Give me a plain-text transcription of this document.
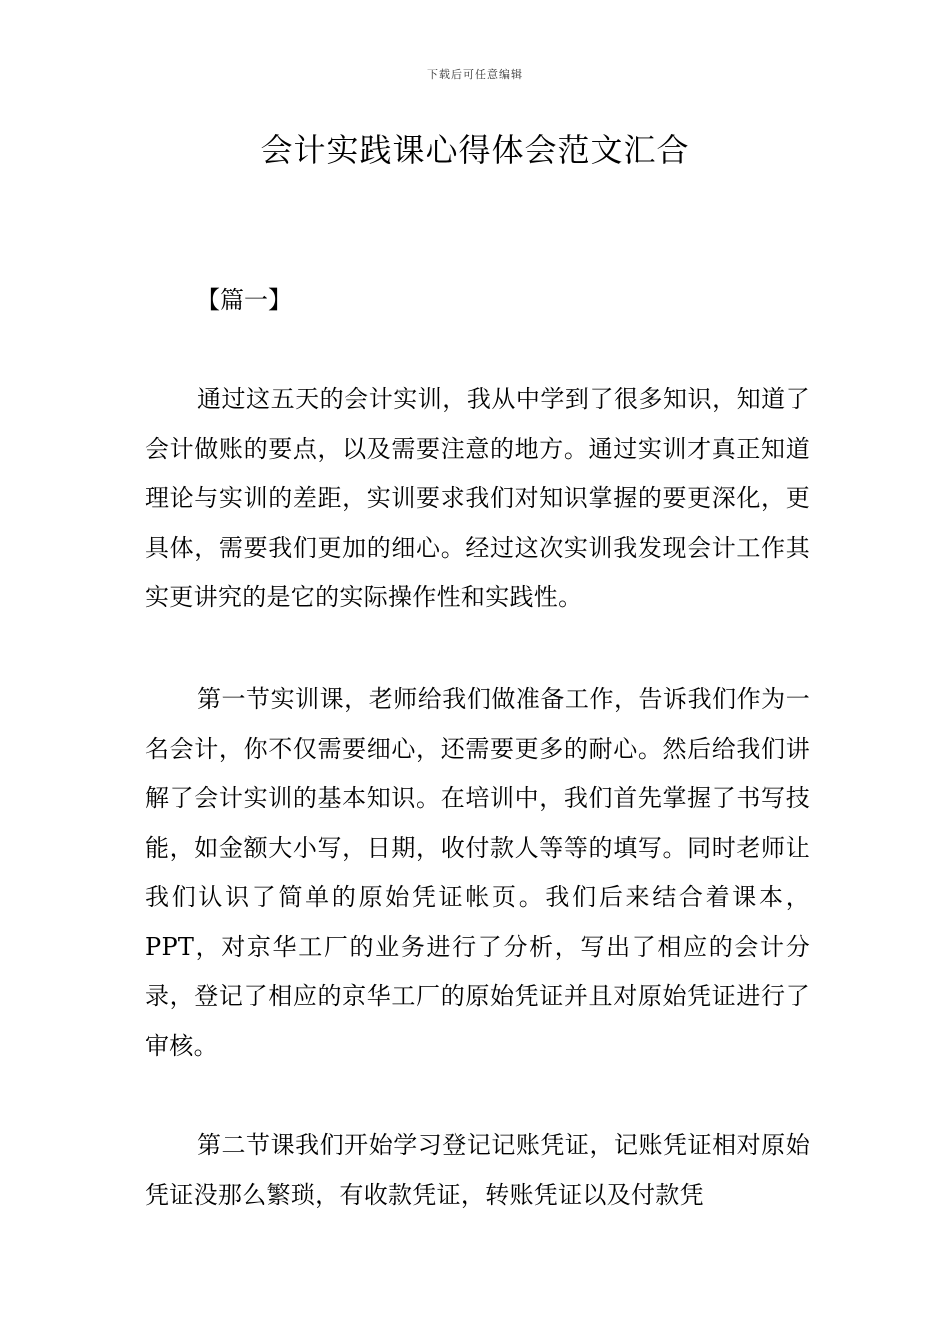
下载后可任意编辑
会计实践课心得体会范文汇合
【篇一】

通过这五天的会计实训，我从中学到了很多知识，知道了会计做账的要点，以及需要注意的地方。通过实训才真正知道理论与实训的差距，实训要求我们对知识掌握的要更深化，更具体，需要我们更加的细心。经过这次实训我发现会计工作其实更讲究的是它的实际操作性和实践性。

第一节实训课，老师给我们做准备工作，告诉我们作为一名会计，你不仅需要细心，还需要更多的耐心。然后给我们讲解了会计实训的基本知识。在培训中，我们首先掌握了书写技能，如金额大小写，日期，收付款人等等的填写。同时老师让我们认识了简单的原始凭证帐页。我们后来结合着课本，PPT，对京华工厂的业务进行了分析，写出了相应的会计分录，登记了相应的京华工厂的原始凭证并且对原始凭证进行了审核。

第二节课我们开始学习登记记账凭证，记账凭证相对原始凭证没那么繁琐，有收款凭证，转账凭证以及付款凭
